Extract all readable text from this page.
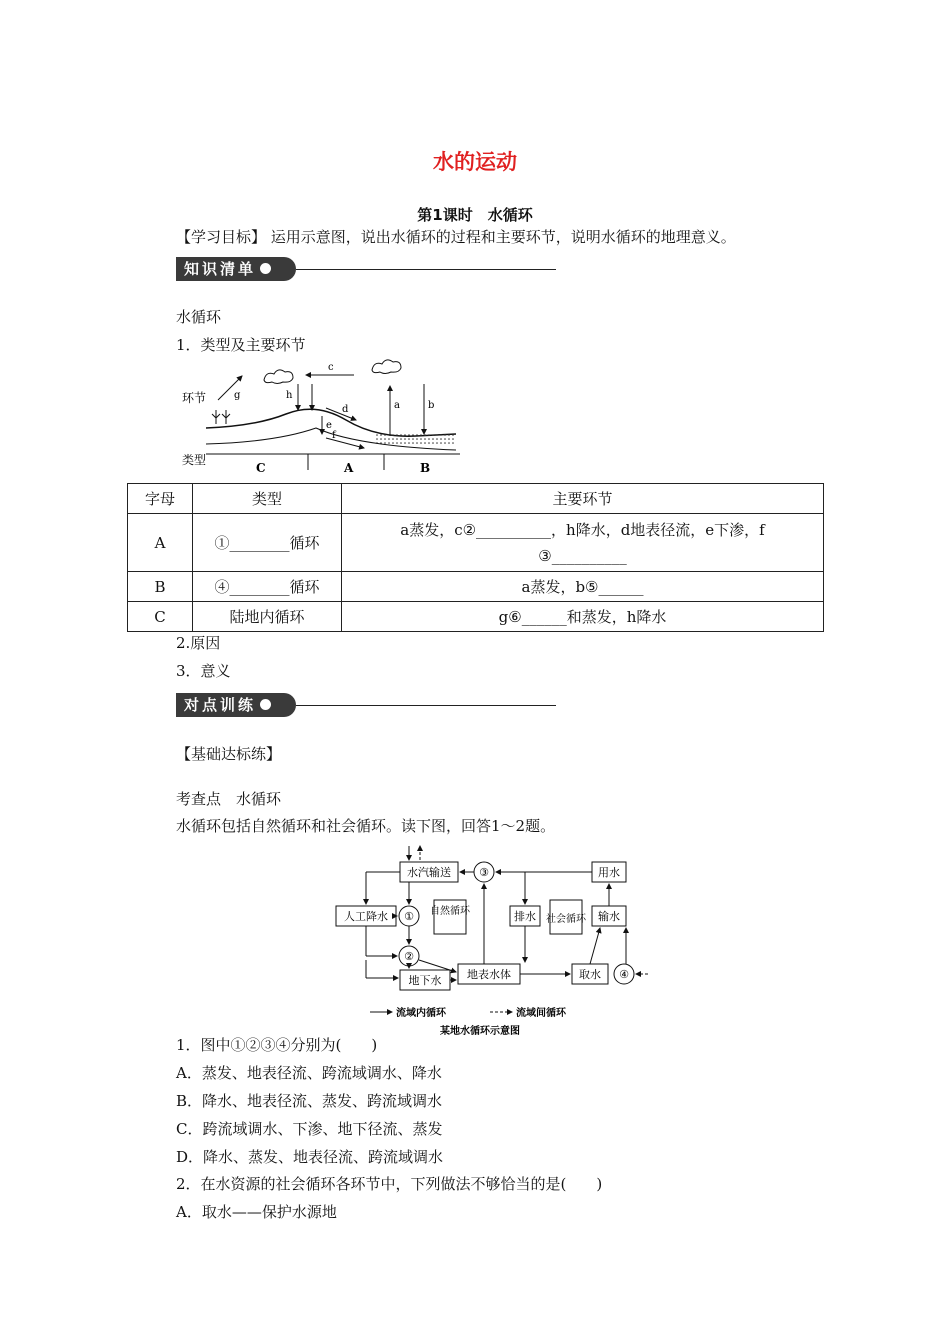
水的运动
第1课时　水循环
【学习目标】 运用示意图，说出水循环的过程和主要环节，说明水循环的地理意义。
知识清单
水循环
1．类型及主要环节
环节
类型
c
g	h
a	b
d
e
f
C	A	B
字母	类型	主要环节
A	①________循环	a蒸发，c②__________，h降水，d地表径流，e下渗，f
③__________

B	④________循环	a蒸发，b⑤______
C	陆地内循环	g⑥______和蒸发，h降水
2.原因
3．意义
对点训练
【基础达标练】
考查点　水循环
水循环包括自然循环和社会循环。读下图，回答1～2题。
水汽输送
人工降水	自然循环	排水 社会循环
用水
输水
地下水 地表水体	取水
①
②
③
④
流域内循环	流域间循环
某地水循环示意图
1．图中①②③④分别为(　　)
A．蒸发、地表径流、跨流域调水、降水
B．降水、地表径流、蒸发、跨流域调水
C．跨流域调水、下渗、地下径流、蒸发
D．降水、蒸发、地表径流、跨流域调水
2．在水资源的社会循环各环节中，下列做法不够恰当的是(　　)
A．取水——保护水源地
